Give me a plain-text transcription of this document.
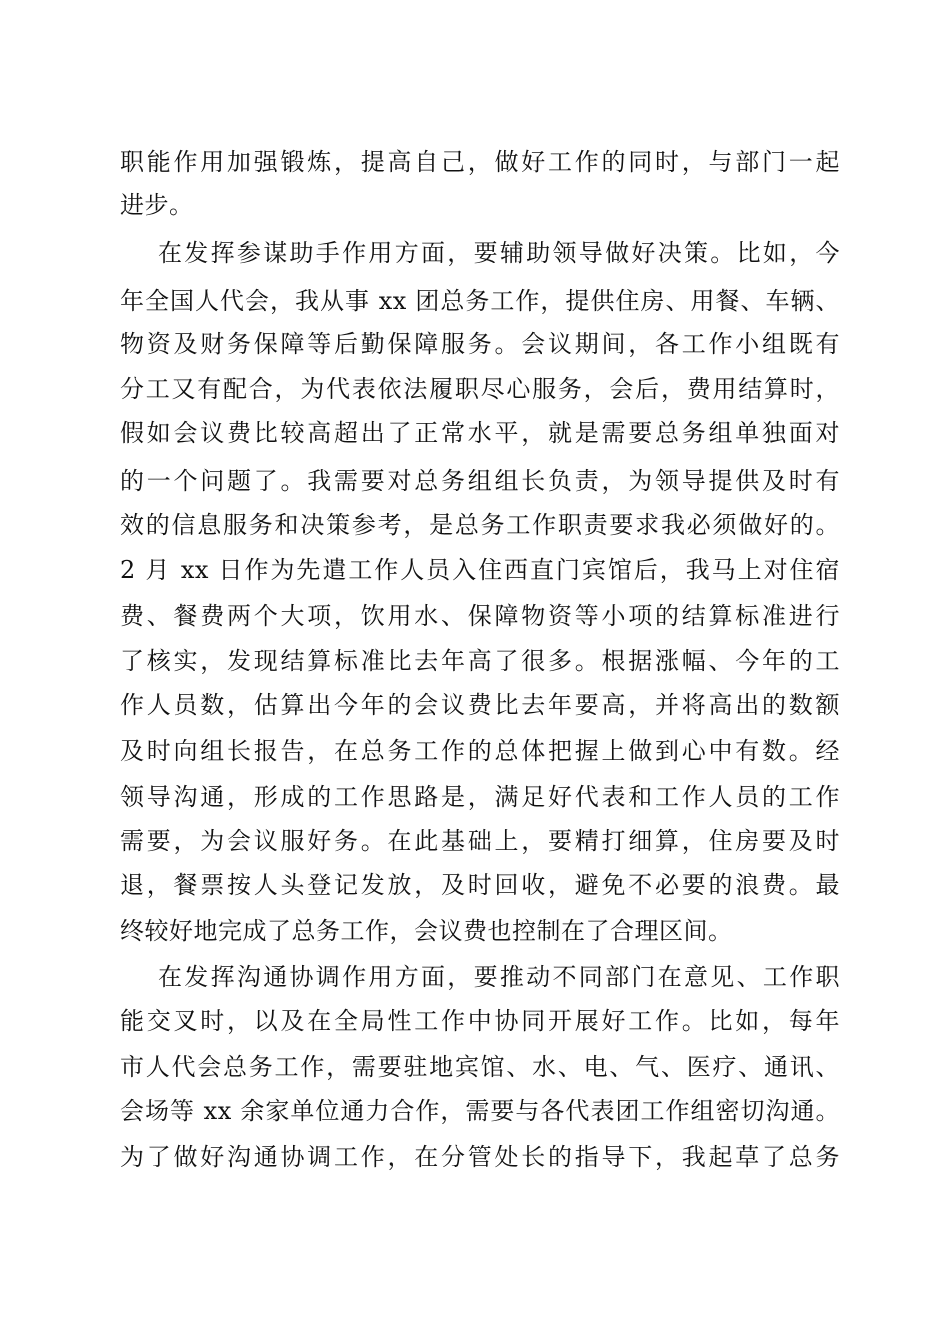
职能作用加强锻炼，提高自己，做好工作的同时，与部门一起
进步。
在发挥参谋助手作用方面，要辅助领导做好决策。比如，今
年全国人代会，我从事 xx 团总务工作，提供住房、用餐、车辆、
物资及财务保障等后勤保障服务。会议期间，各工作小组既有
分工又有配合，为代表依法履职尽心服务，会后，费用结算时，
假如会议费比较高超出了正常水平，就是需要总务组单独面对
的一个问题了。我需要对总务组组长负责，为领导提供及时有
效的信息服务和决策参考，是总务工作职责要求我必须做好的。
2 月 xx 日作为先遣工作人员入住西直门宾馆后，我马上对住宿
费、餐费两个大项，饮用水、保障物资等小项的结算标准进行
了核实，发现结算标准比去年高了很多。根据涨幅、今年的工
作人员数，估算出今年的会议费比去年要高，并将高出的数额
及时向组长报告，在总务工作的总体把握上做到心中有数。经
领导沟通，形成的工作思路是，满足好代表和工作人员的工作
需要，为会议服好务。在此基础上，要精打细算，住房要及时
退，餐票按人头登记发放，及时回收，避免不必要的浪费。最
终较好地完成了总务工作，会议费也控制在了合理区间。
在发挥沟通协调作用方面，要推动不同部门在意见、工作职
能交叉时，以及在全局性工作中协同开展好工作。比如，每年
市人代会总务工作，需要驻地宾馆、水、电、气、医疗、通讯、
会场等 xx 余家单位通力合作，需要与各代表团工作组密切沟通。
为了做好沟通协调工作，在分管处长的指导下，我起草了总务
